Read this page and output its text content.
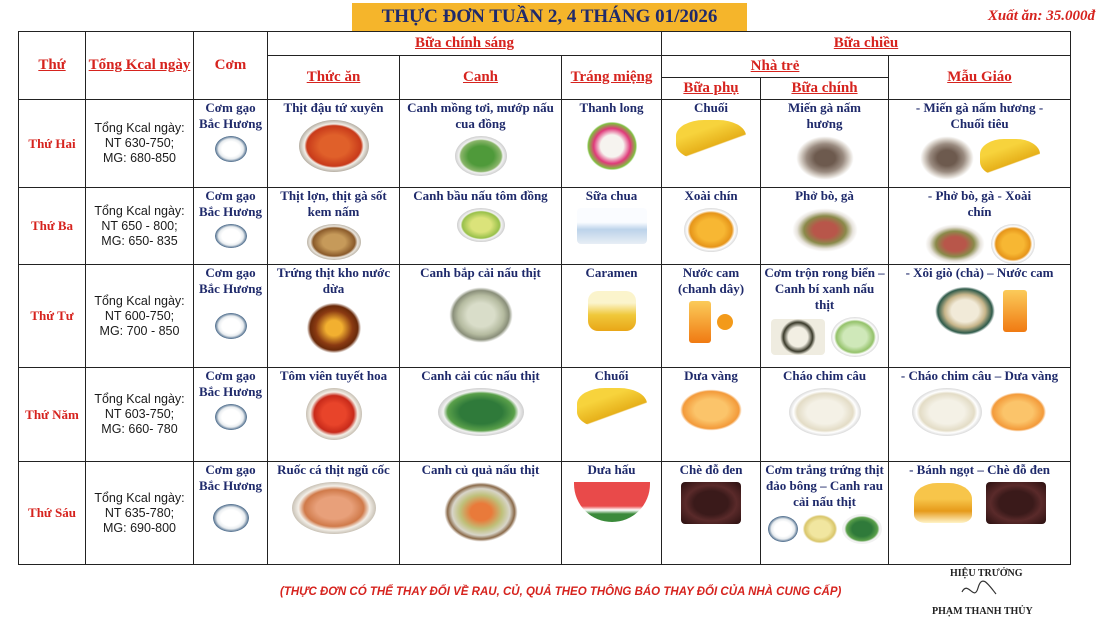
THỰC ĐƠN TUẦN 2, 4 THÁNG 01/2026	Xuất ăn: 35.000đ
Thứ	Tổng Kcal ngày	Cơm	Bữa chính sáng			Bữa chiều		
			Thức ăn	Canh	Tráng miệng	Nhà trẻ		Mẫu Giáo
						Bữa phụ	Bữa chính	
Thứ Hai	Tổng Kcal ngày:
NT 630-750;
MG: 680-850	Cơm gạo Bắc Hương	Thịt đậu tứ xuyên	Canh mồng tơi, mướp nấu cua đồng	Thanh long	Chuối	Miến gà nấm hương	- Miến gà nấm hương - Chuối tiêu

Thứ Ba	Tổng Kcal ngày:
NT 650 - 800;
MG: 650- 835	Cơm gạo Bắc Hương	Thịt lợn, thịt gà sốt kem nấm	Canh bầu nấu tôm đồng	Sữa chua	Xoài chín	Phở bò, gà	- Phở bò, gà - Xoài chín

Thứ Tư	Tổng Kcal ngày:
NT 600-750;
MG: 700 - 850	Cơm gạo Bắc Hương	Trứng thịt kho nước dừa	Canh bắp cải nấu thịt	Caramen	Nước cam (chanh dây)	Cơm trộn rong biển – Canh bí xanh nấu thịt	- Xôi giò (chả) – Nước cam

Thứ Năm	Tổng Kcal ngày:
NT 603-750;
MG: 660- 780	Cơm gạo Bắc Hương	Tôm viên tuyết hoa	Canh cải cúc nấu thịt	Chuối	Dưa vàng	Cháo chim câu	- Cháo chim câu – Dưa vàng

Thứ Sáu	Tổng Kcal ngày:
NT 635-780;
MG: 690-800	Cơm gạo Bắc Hương	Ruốc cá thịt ngũ cốc	Canh củ quả nấu thịt	Dưa hấu	Chè đỗ đen	Cơm trắng trứng thịt đảo bông – Canh rau cải nấu thịt	- Bánh ngọt – Chè đỗ đen
(THỰC ĐƠN CÓ THỂ THAY ĐỔI VỀ RAU, CỦ, QUẢ THEO THÔNG BÁO THAY ĐỔI CỦA NHÀ CUNG CẤP)
HIỆU TRƯỞNG
PHẠM THANH THỦY
